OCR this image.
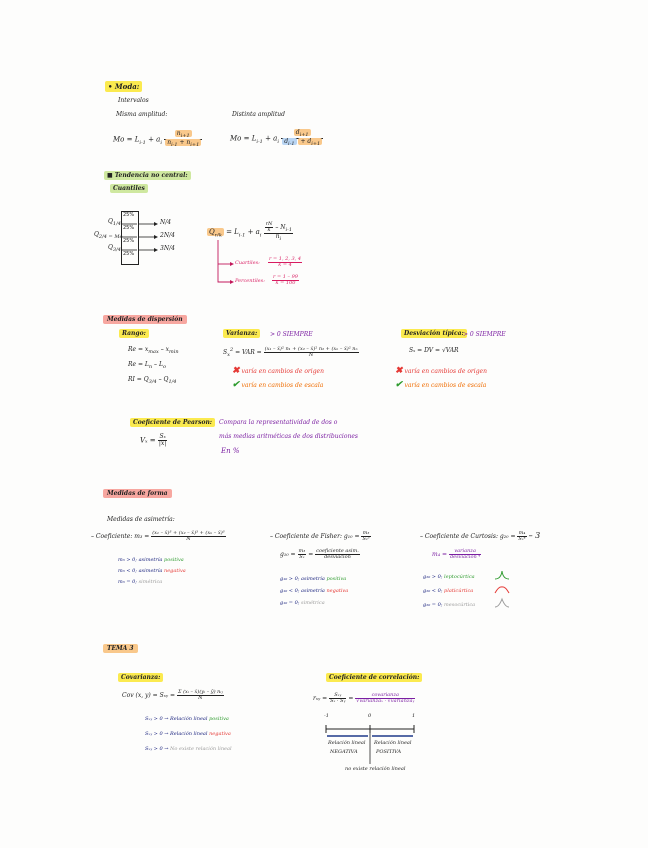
• Moda:
Intervalos
Misma amplitud:	Distinta amplitud
$Mo = L_{i-1} + a_i \frac{n_{i+1}}{n_{i-1} + n_{i+1}}$	$Mo = L_{i-1} + a_i \frac{d_{i+1}}{d_{i-1} + d_{i+1}}$
■ Tendencia no central:
Cuantiles
25%
25%
25%
25%
$Q_{1/4}$
$Q_{2/4 = Me}$
$Q_{3/4}$
N/4
2N/4
3N/4
$Q_{r/k} = L_{i-1} + a_i \frac{\frac{rN}{k} - N_{i-1}}{n_i}$
Cuartiles: $\frac{r = 1, 2, 3, 4}{k = 4}$
Percentiles: $\frac{r = 1 - 99}{k = 100}$
Medidas de dispersión
Rango:
$Re = x_{max} - x_{min}$
$Re = L_n - L_o$
RI = $Q_{3/4} - Q_{1/4}$
Varianza:	> 0 SIEMPRE
$S_x^2$ = VAR = $\frac{\text{(x₁ – x̄)² n₁ + (x₂ – x̄)² n₂ + (xₙ – x̄)² nₙ}}{N}$
✖ varía en cambios de origen
✔ varía en cambios de escala
Desviación típica: > 0 SIEMPRE
Sₓ = DV = √VAR
✖ varía en cambios de origen
✔ varía en cambios de escala
Coeficiente de Pearson:
$V_x = \frac{\text{Sₓ}}{|x̄|}$
Compara la representatividad de dos o
más medias aritméticas de dos distribuciones
En %
Medidas de forma
Medidas de asimetría:
– Coeficiente: $m_3 = \frac{\text{(x₁ – x̄)³ + (x₂ – x̄)³ + (xₙ – x̄)³}}{N}$
m₃ > 0; asimetría positiva
m₃ < 0; asimetría negativa
m₃ = 0; simétrica
– Coeficiente de Fisher: $g_{10} = \frac{\text{m₃}}{\text{Sₓ³}}$
$g_{10} = \frac{\text{m₃}}{\text{Sₓ}} = \frac{\text{coeficiente asim.}}{\text{desviación}}$
g₁₀ > 0; asimetría positiva
g₁₀ < 0; asimetría negativa
g₁₀ = 0; simétrica
– Coeficiente de Curtosis: $g_{20} = \frac{\text{m₄}}{\text{Sₓ⁴}} - 3$
$m_4 = \frac{\text{varianza}}{\text{desviación ⁴}}$
g₂₀ > 0; leptocúrtica
g₂₀ < 0; platicúrtica
g₂₀ = 0; mesocúrtica
TEMA 3
Covarianza:
Cov (x, y) = Sₓᵧ = $\frac{\text{Σ (xᵢ – x̄)(yᵢ – ȳ) nᵢⱼ}}{N}$
Sₓᵧ > 0 → Relación lineal positiva
Sₓᵧ > 0 → Relación lineal negativa
Sₓᵧ > 0 → No existe relación lineal
Coeficiente de correlación:
rₓᵧ = $\frac{\text{Sₓᵧ}}{\text{Sₓ · Sᵧ}} = \frac{\text{covarianza}}{\text{√varianzaₓ · √varianzaᵧ}}$
-1	0	1
Relación lineal
NEGATIVA
Relación lineal
POSITIVA
no existe relación lineal
